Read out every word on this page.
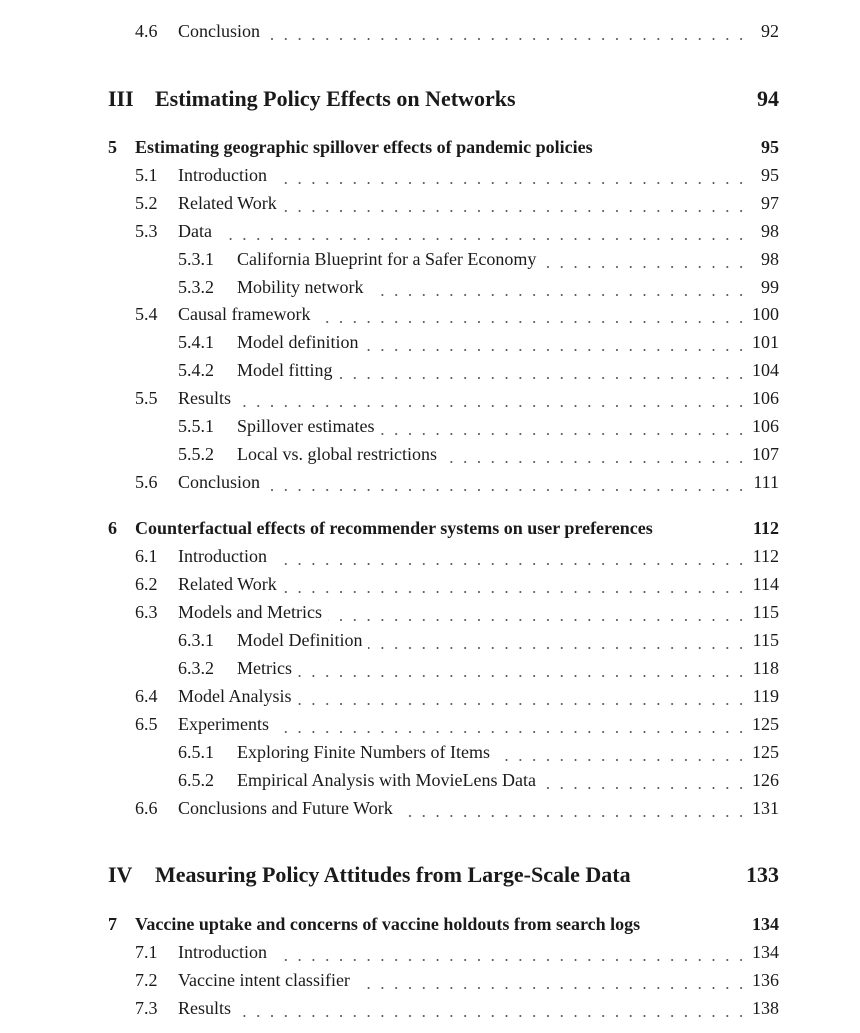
4.6 Conclusion	92
III Estimating Policy Effects on Networks	94
5 Estimating geographic spillover effects of pandemic policies	95
5.1 Introduction	95
5.2 Related Work	97
5.3 Data	98
5.3.1 California Blueprint for a Safer Economy	98
5.3.2 Mobility network	99
5.4 Causal framework	100
5.4.1 Model definition	101
5.4.2 Model fitting	104
5.5 Results	106
5.5.1 Spillover estimates	106
5.5.2 Local vs. global restrictions	107
5.6 Conclusion	111
6 Counterfactual effects of recommender systems on user preferences	112
6.1 Introduction	112
6.2 Related Work	114
6.3 Models and Metrics	115
6.3.1 Model Definition	115
6.3.2 Metrics	118
6.4 Model Analysis	119
6.5 Experiments	125
6.5.1 Exploring Finite Numbers of Items	125
6.5.2 Empirical Analysis with MovieLens Data	126
6.6 Conclusions and Future Work	131
IV Measuring Policy Attitudes from Large-Scale Data	133
7 Vaccine uptake and concerns of vaccine holdouts from search logs	134
7.1 Introduction	134
7.2 Vaccine intent classifier	136
7.3 Results	138
